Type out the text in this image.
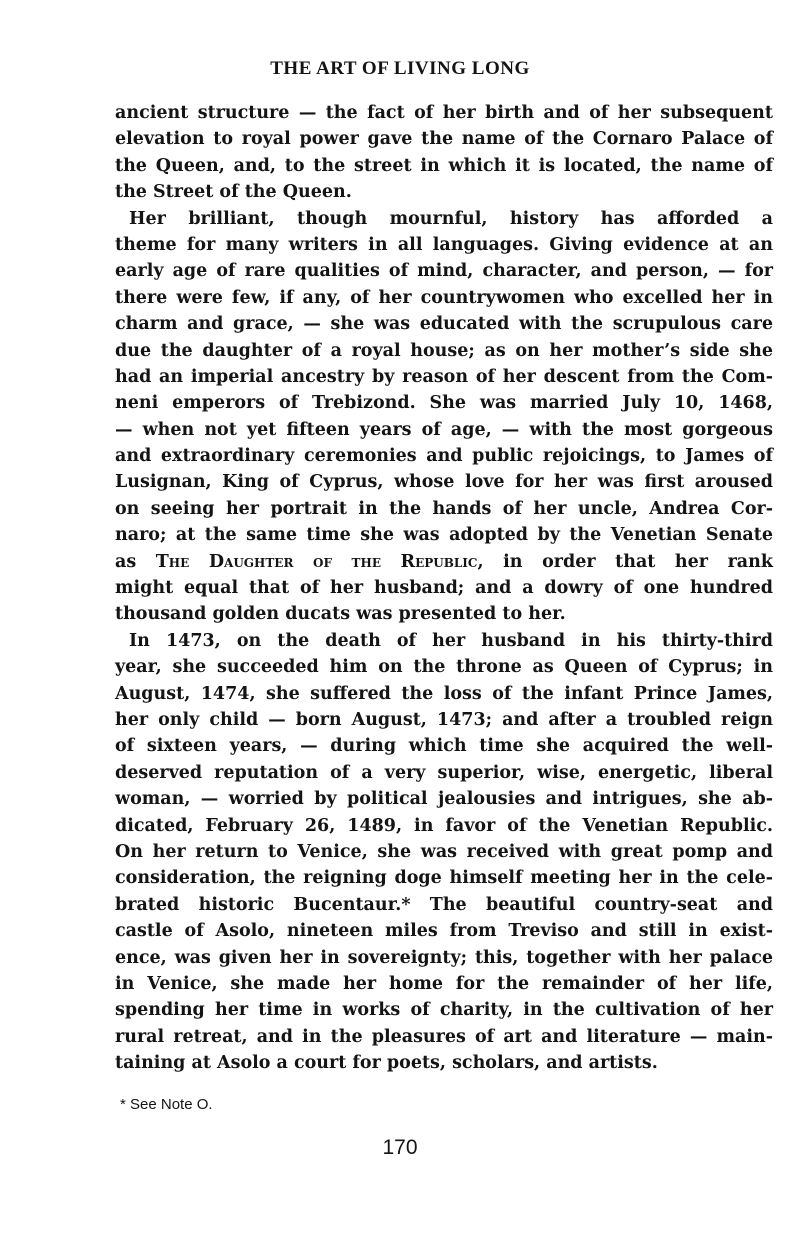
THE ART OF LIVING LONG
ancient structure — the fact of her birth and of her subsequent
elevation to royal power gave the name of the Cornaro Palace of
the Queen, and, to the street in which it is located, the name of
the Street of the Queen.
Her brilliant, though mournful, history has afforded a
theme for many writers in all languages. Giving evidence at an
early age of rare qualities of mind, character, and person, — for
there were few, if any, of her countrywomen who excelled her in
charm and grace, — she was educated with the scrupulous care
due the daughter of a royal house; as on her mother’s side she
had an imperial ancestry by reason of her descent from the Com-
neni emperors of Trebizond. She was married July 10, 1468,
— when not yet fifteen years of age, — with the most gorgeous
and extraordinary ceremonies and public rejoicings, to James of
Lusignan, King of Cyprus, whose love for her was first aroused
on seeing her portrait in the hands of her uncle, Andrea Cor-
naro; at the same time she was adopted by the Venetian Senate
as The Daughter of the Republic, in order that her rank
might equal that of her husband; and a dowry of one hundred
thousand golden ducats was presented to her.
In 1473, on the death of her husband in his thirty-third
year, she succeeded him on the throne as Queen of Cyprus; in
August, 1474, she suffered the loss of the infant Prince James,
her only child — born August, 1473; and after a troubled reign
of sixteen years, — during which time she acquired the well-
deserved reputation of a very superior, wise, energetic, liberal
woman, — worried by political jealousies and intrigues, she ab-
dicated, February 26, 1489, in favor of the Venetian Republic.
On her return to Venice, she was received with great pomp and
consideration, the reigning doge himself meeting her in the cele-
brated historic Bucentaur.* The beautiful country-seat and
castle of Asolo, nineteen miles from Treviso and still in exist-
ence, was given her in sovereignty; this, together with her palace
in Venice, she made her home for the remainder of her life,
spending her time in works of charity, in the cultivation of her
rural retreat, and in the pleasures of art and literature — main-
taining at Asolo a court for poets, scholars, and artists.
* See Note O.
170
